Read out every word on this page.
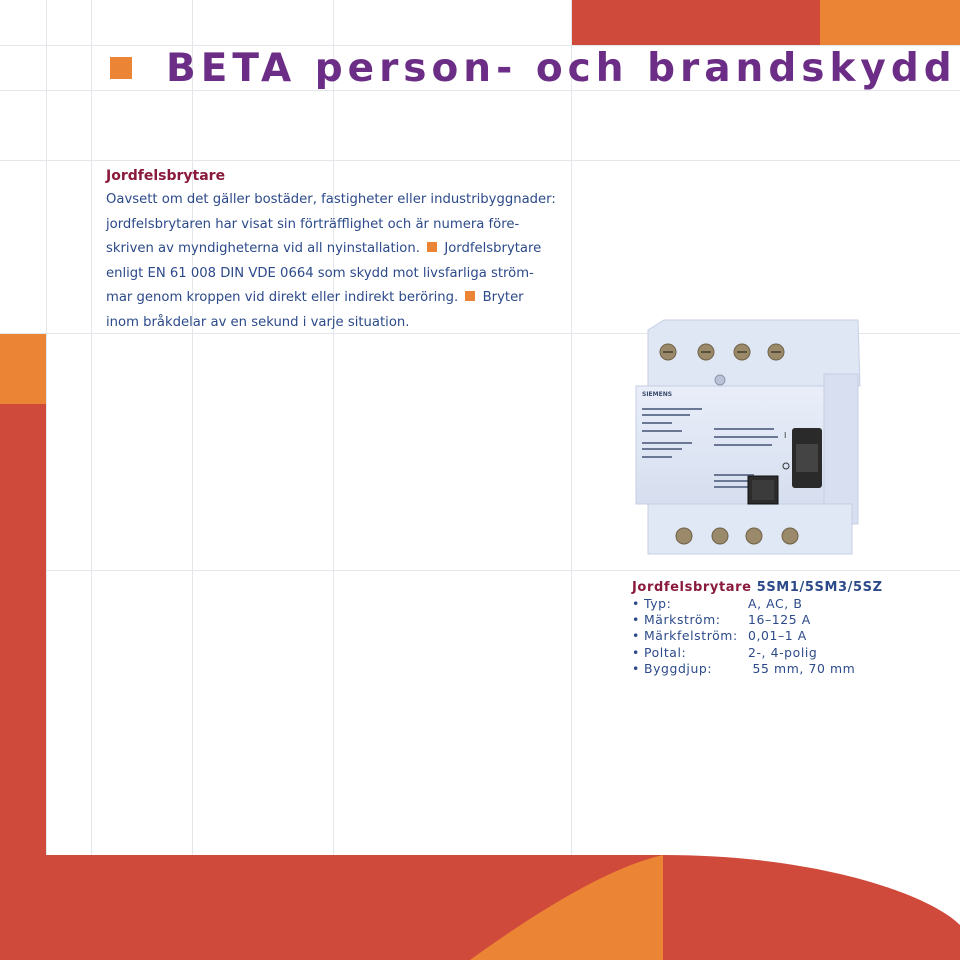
BETA person- och brandskydd
Jordfelsbrytare

Oavsett om det gäller bostäder, fastigheter eller industribyggnader:
jordfelsbrytaren har visat sin förträfflighet och är numera före-
skriven av myndigheterna vid all nyinstallation. Jordfelsbrytare
enligt EN 61 008 DIN VDE 0664 som skydd mot livsfarliga ström-
mar genom kroppen vid direkt eller indirekt beröring. Bryter
inom bråkdelar av en sekund i varje situation.

SIEMENS
I
Jordfelsbrytare 5SM1/5SM3/5SZ
• Typ:	A, AC, B
• Märkström:	16–125 A
• Märkfelström: 0,01–1 A
• Poltal:	2-, 4-polig
• Byggdjup:	55 mm, 70 mm
